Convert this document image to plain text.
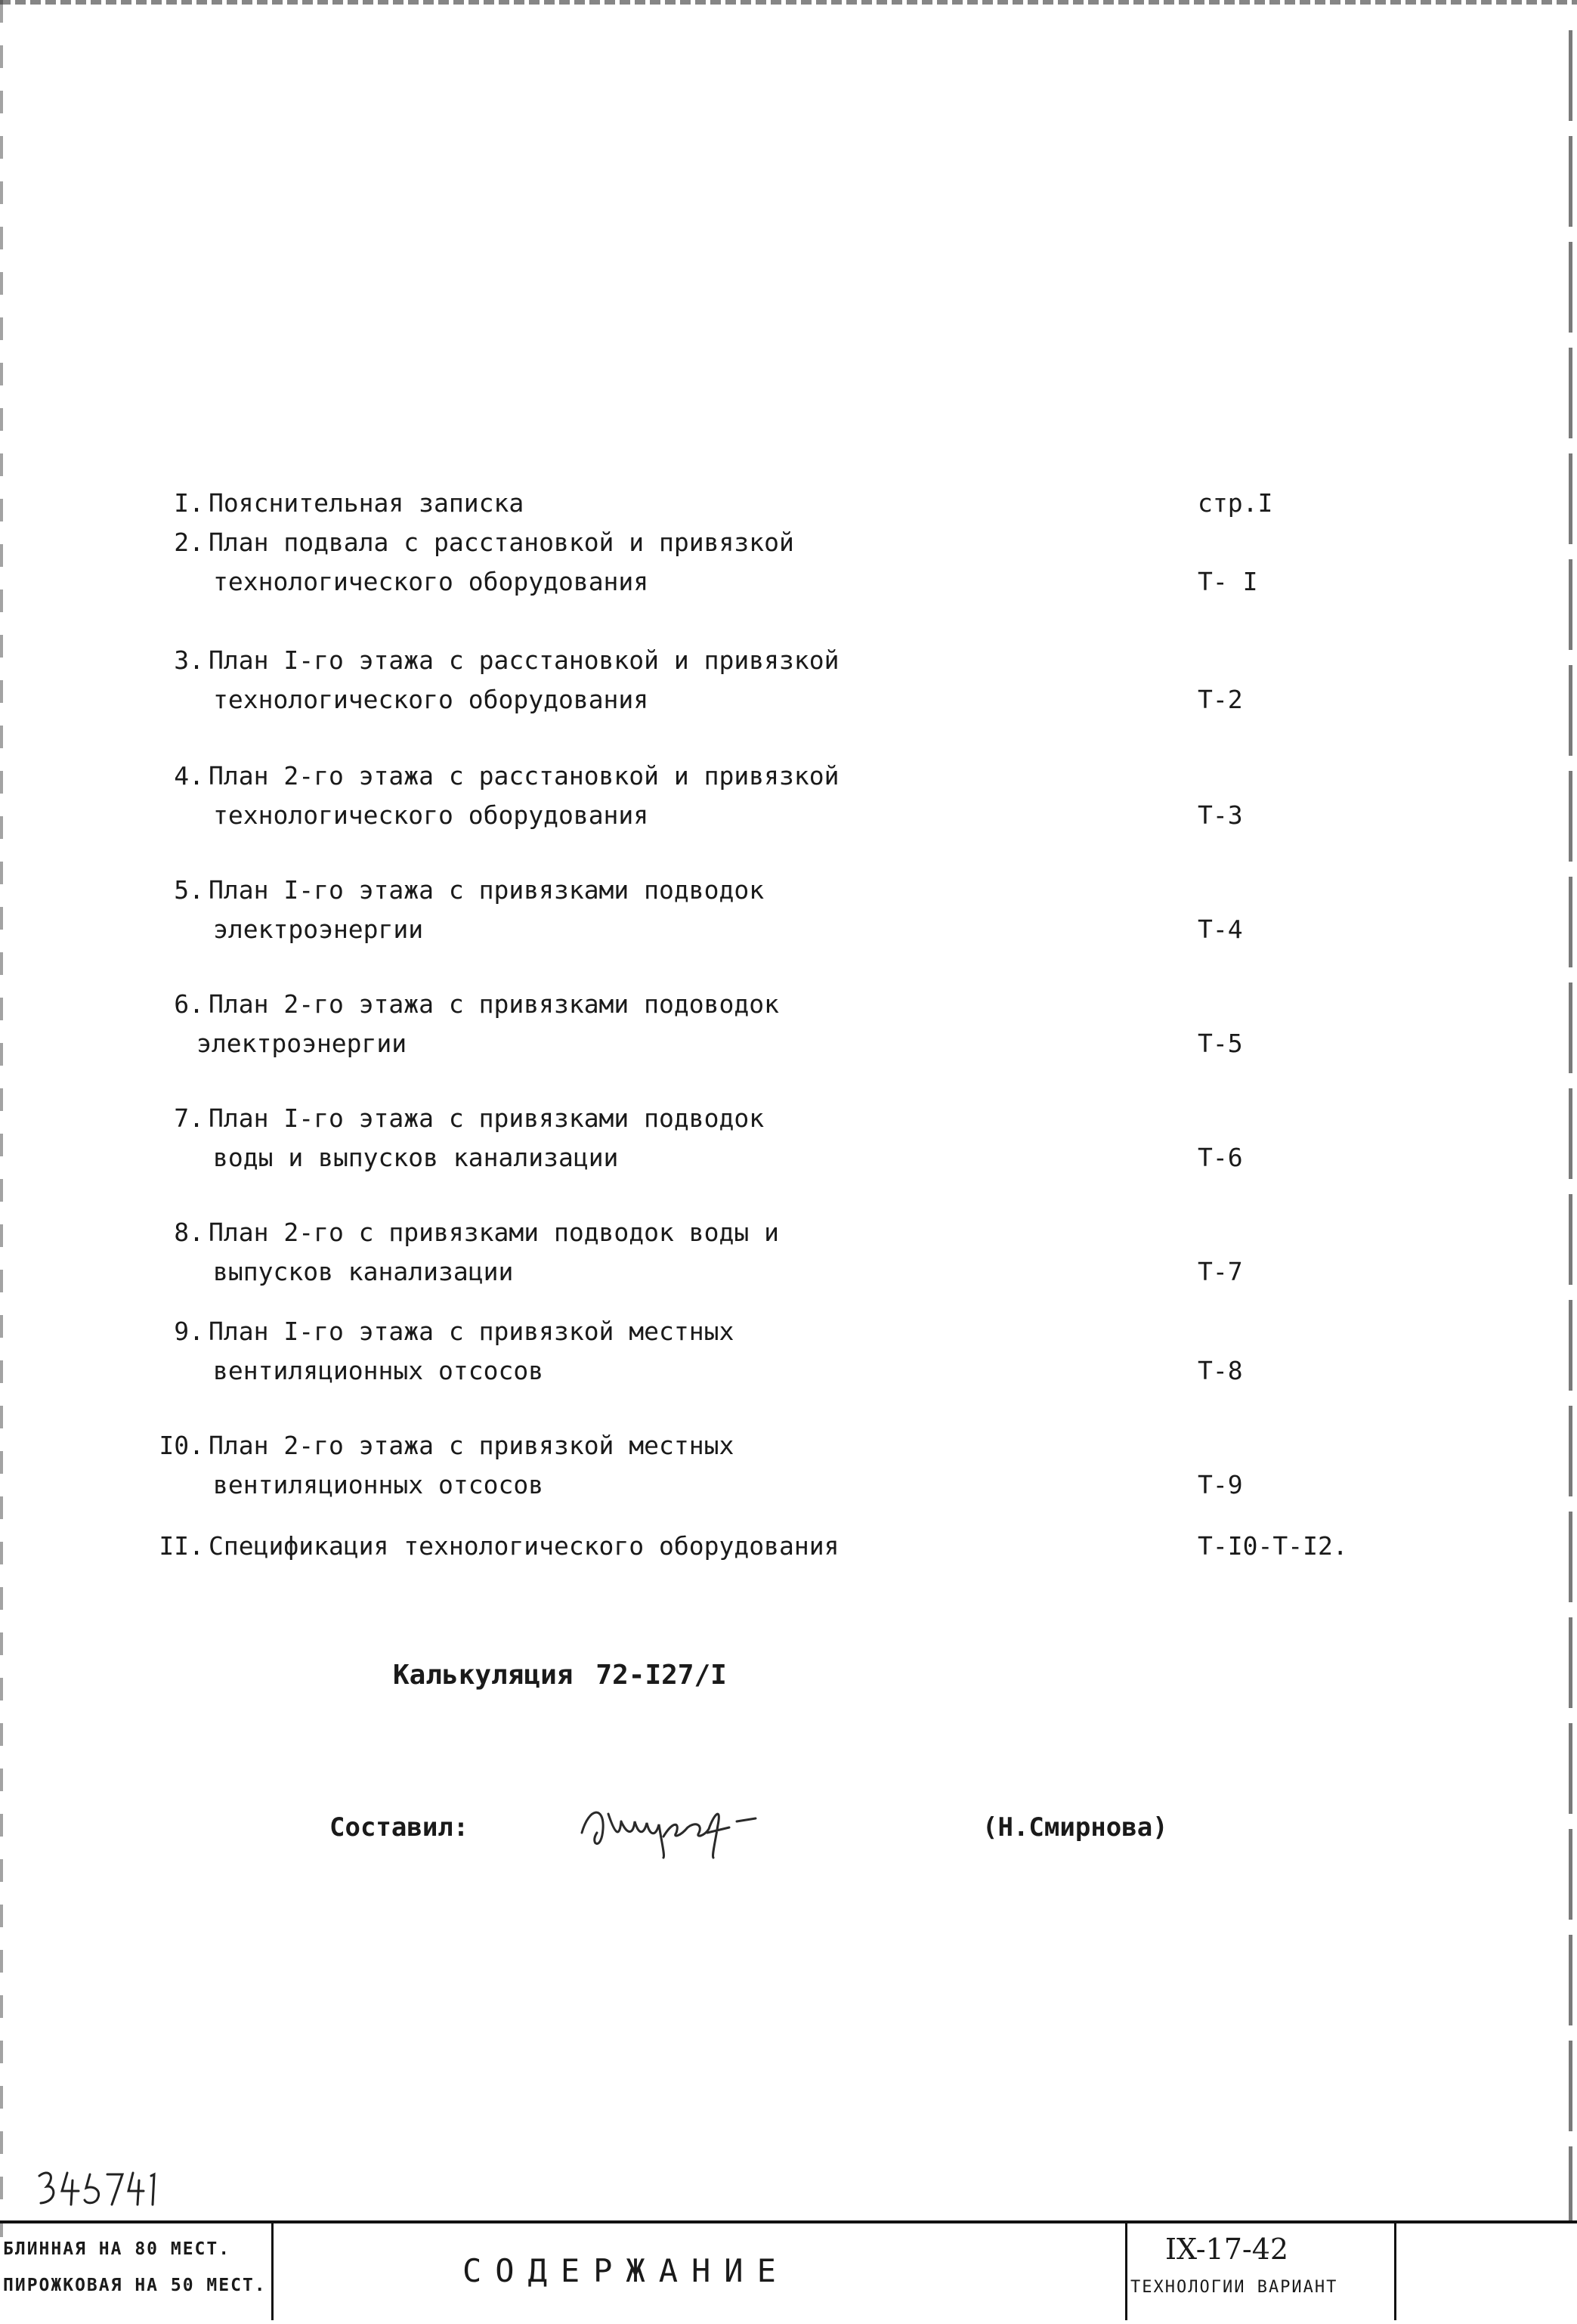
I. Пояснительная записка	стр.I
2. План подвала с расстановкой и привязкой
технологического оборудования	Т- I
3. План I-го этажа с расстановкой и привязкой
технологического оборудования	Т-2
4. План 2-го этажа с расстановкой и привязкой
технологического оборудования	Т-3
5. План I-го этажа с привязками подводок
электроэнергии	Т-4
6. План 2-го этажа с привязками подоводок
электроэнергии	Т-5
7. План I-го этажа с привязками подводок
воды и выпусков канализации	Т-6
8. План 2-го с привязками подводок воды и
выпусков канализации	Т-7
9. План I-го этажа с привязкой местных
вентиляционных отсосов	Т-8
I0. План 2-го этажа с привязкой местных
вентиляционных отсосов	Т-9
II. Спецификация технологического оборудования	Т-I0-Т-I2.
Калькуляция 72-I27/I
Составил:	(Н.Смирнова)
БЛИННАЯ НА 80 МЕСТ.
ПИРОЖКОВАЯ НА 50 МЕСТ.	СОДЕРЖАНИЕ
IX-17-42
ТЕХНОЛОГИИ ВАРИАНТ
